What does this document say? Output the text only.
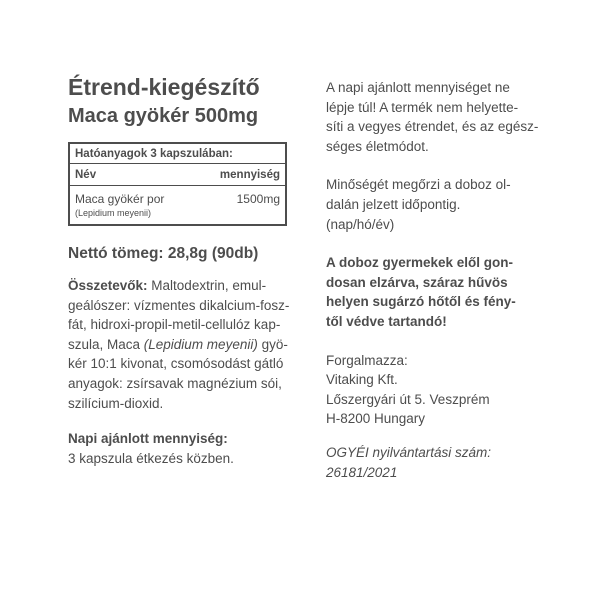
Étrend-kiegészítő
Maca gyökér 500mg
Hatóanyagok 3 kapszulában:
Név	mennyiség
Maca gyökér por	1500mg
(Lepidium meyenii)
Nettó tömeg: 28,8g (90db)
Összetevők: Maltodextrin, emul-
geálószer: vízmentes dikalcium-fosz-
fát, hidroxi-propil-metil-cellulóz kap-
szula, Maca (Lepidium meyenii) gyö-
kér 10:1 kivonat, csomósodást gátló
anyagok: zsírsavak magnézium sói,
szilícium-dioxid.
Napi ajánlott mennyiség:
3 kapszula étkezés közben.
A napi ajánlott mennyiséget ne
lépje túl! A termék nem helyette-
síti a vegyes étrendet, és az egész-
séges életmódot.
Minőségét megőrzi a doboz ol-
dalán jelzett időpontig.
(nap/hó/év)
A doboz gyermekek elől gon-
dosan elzárva, száraz hűvös
helyen sugárzó hőtől és fény-
től védve tartandó!
Forgalmazza:
Vitaking Kft.
Lőszergyári út 5. Veszprém
H-8200 Hungary
OGYÉI nyilvántartási szám:
26181/2021
